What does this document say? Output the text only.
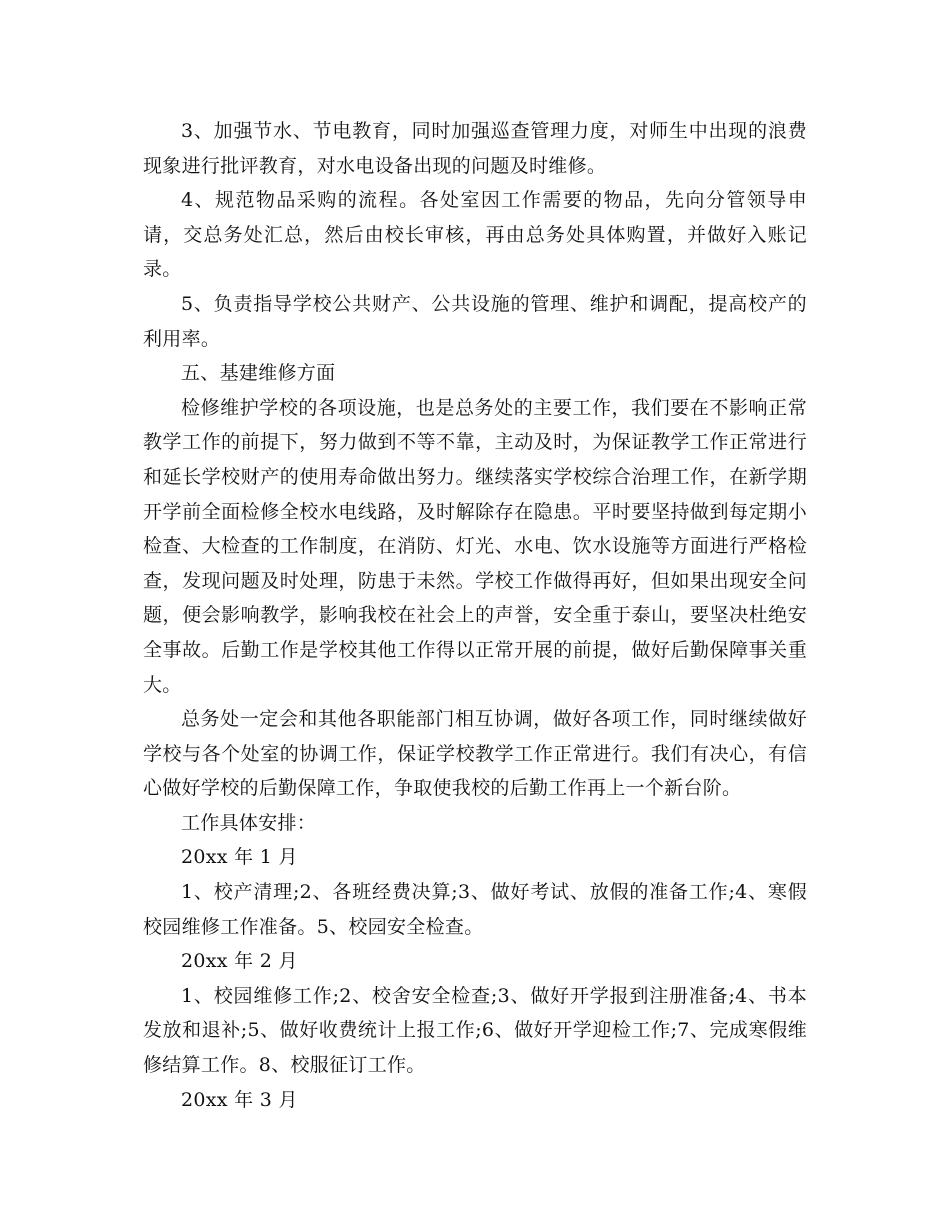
3、加强节水、节电教育，同时加强巡查管理力度，对师生中出现的浪费现象进行批评教育，对水电设备出现的问题及时维修。

4、规范物品采购的流程。各处室因工作需要的物品，先向分管领导申请，交总务处汇总，然后由校长审核，再由总务处具体购置，并做好入账记录。

5、负责指导学校公共财产、公共设施的管理、维护和调配，提高校产的利用率。

五、基建维修方面

检修维护学校的各项设施，也是总务处的主要工作，我们要在不影响正常教学工作的前提下，努力做到不等不靠，主动及时，为保证教学工作正常进行和延长学校财产的使用寿命做出努力。继续落实学校综合治理工作，在新学期开学前全面检修全校水电线路，及时解除存在隐患。平时要坚持做到每定期小检查、大检查的工作制度，在消防、灯光、水电、饮水设施等方面进行严格检查，发现问题及时处理，防患于未然。学校工作做得再好，但如果出现安全问题，便会影响教学，影响我校在社会上的声誉，安全重于泰山，要坚决杜绝安全事故。后勤工作是学校其他工作得以正常开展的前提，做好后勤保障事关重大。

总务处一定会和其他各职能部门相互协调，做好各项工作，同时继续做好学校与各个处室的协调工作，保证学校教学工作正常进行。我们有决心，有信心做好学校的后勤保障工作，争取使我校的后勤工作再上一个新台阶。

工作具体安排：

20xx 年 1 月

1、校产清理;2、各班经费决算;3、做好考试、放假的准备工作;4、寒假校园维修工作准备。5、校园安全检查。

20xx 年 2 月

1、校园维修工作;2、校舍安全检查;3、做好开学报到注册准备;4、书本发放和退补;5、做好收费统计上报工作;6、做好开学迎检工作;7、完成寒假维修结算工作。8、校服征订工作。

20xx 年 3 月
